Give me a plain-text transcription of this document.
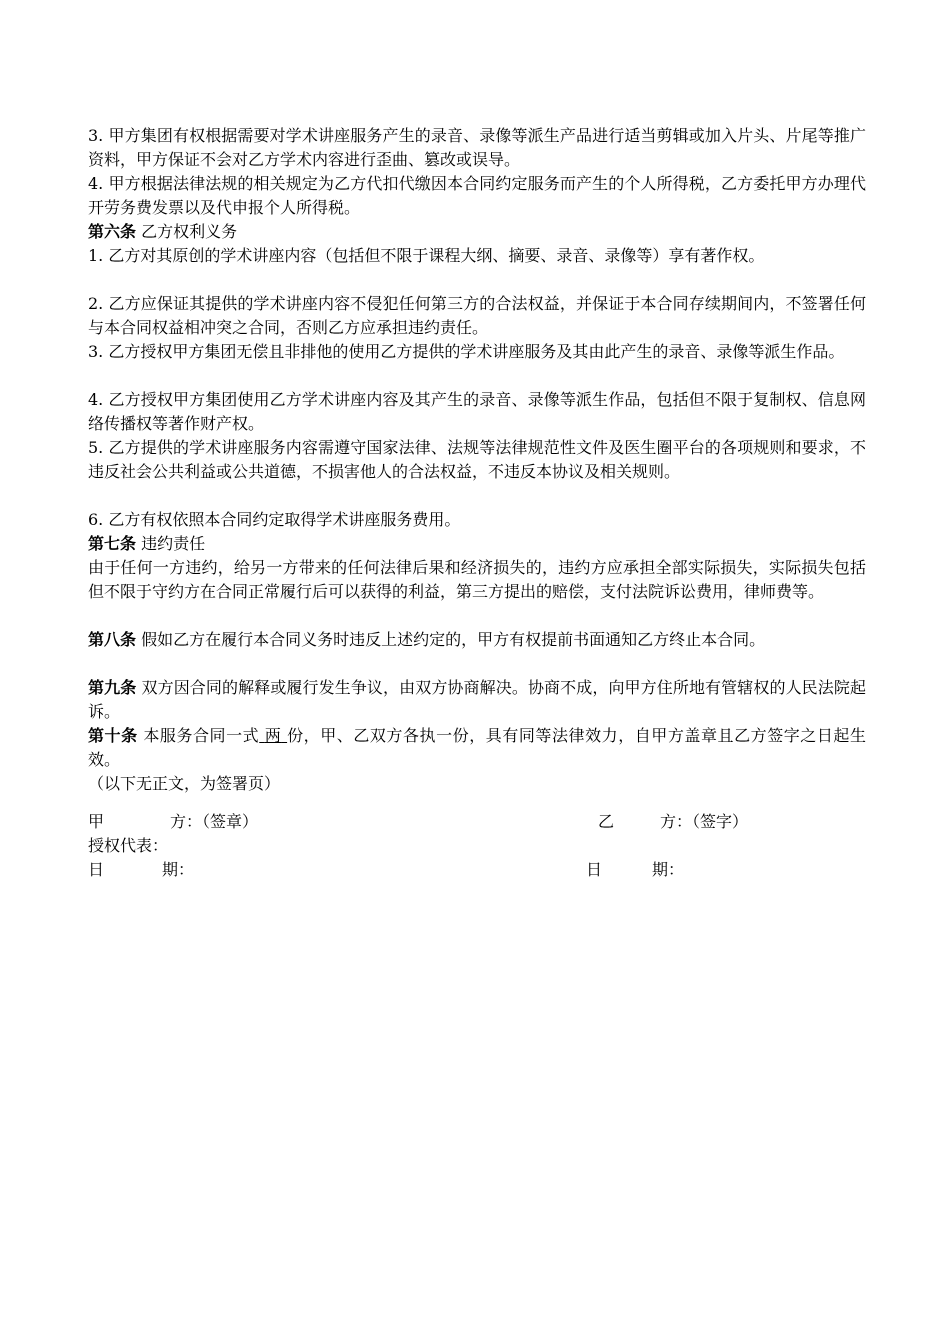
3. 甲方集团有权根据需要对学术讲座服务产生的录音、录像等派生产品进行适当剪辑或加入片头、片尾等推广资料，甲方保证不会对乙方学术内容进行歪曲、篡改或误导。

4. 甲方根据法律法规的相关规定为乙方代扣代缴因本合同约定服务而产生的个人所得税，乙方委托甲方办理代开劳务费发票以及代申报个人所得税。

第六条 乙方权利义务

1. 乙方对其原创的学术讲座内容（包括但不限于课程大纲、摘要、录音、录像等）享有著作权。

2. 乙方应保证其提供的学术讲座内容不侵犯任何第三方的合法权益，并保证于本合同存续期间内，不签署任何与本合同权益相冲突之合同，否则乙方应承担违约责任。

3. 乙方授权甲方集团无偿且非排他的使用乙方提供的学术讲座服务及其由此产生的录音、录像等派生作品。

4. 乙方授权甲方集团使用乙方学术讲座内容及其产生的录音、录像等派生作品，包括但不限于复制权、信息网络传播权等著作财产权。

5. 乙方提供的学术讲座服务内容需遵守国家法律、法规等法律规范性文件及医生圈平台的各项规则和要求，不违反社会公共利益或公共道德，不损害他人的合法权益，不违反本协议及相关规则。

6. 乙方有权依照本合同约定取得学术讲座服务费用。

第七条 违约责任

由于任何一方违约，给另一方带来的任何法律后果和经济损失的，违约方应承担全部实际损失，实际损失包括但不限于守约方在合同正常履行后可以获得的利益，第三方提出的赔偿，支付法院诉讼费用，律师费等。

第八条 假如乙方在履行本合同义务时违反上述约定的，甲方有权提前书面通知乙方终止本合同。

第九条 双方因合同的解释或履行发生争议，由双方协商解决。协商不成，向甲方住所地有管辖权的人民法院起诉。

第十条 本服务合同一式 两 份，甲、乙双方各执一份，具有同等法律效力，自甲方盖章且乙方签字之日起生效。

（以下无正文，为签署页）

甲	方：（签章）	乙	方：（签字）
授权代表：
日	期：	日	期：
